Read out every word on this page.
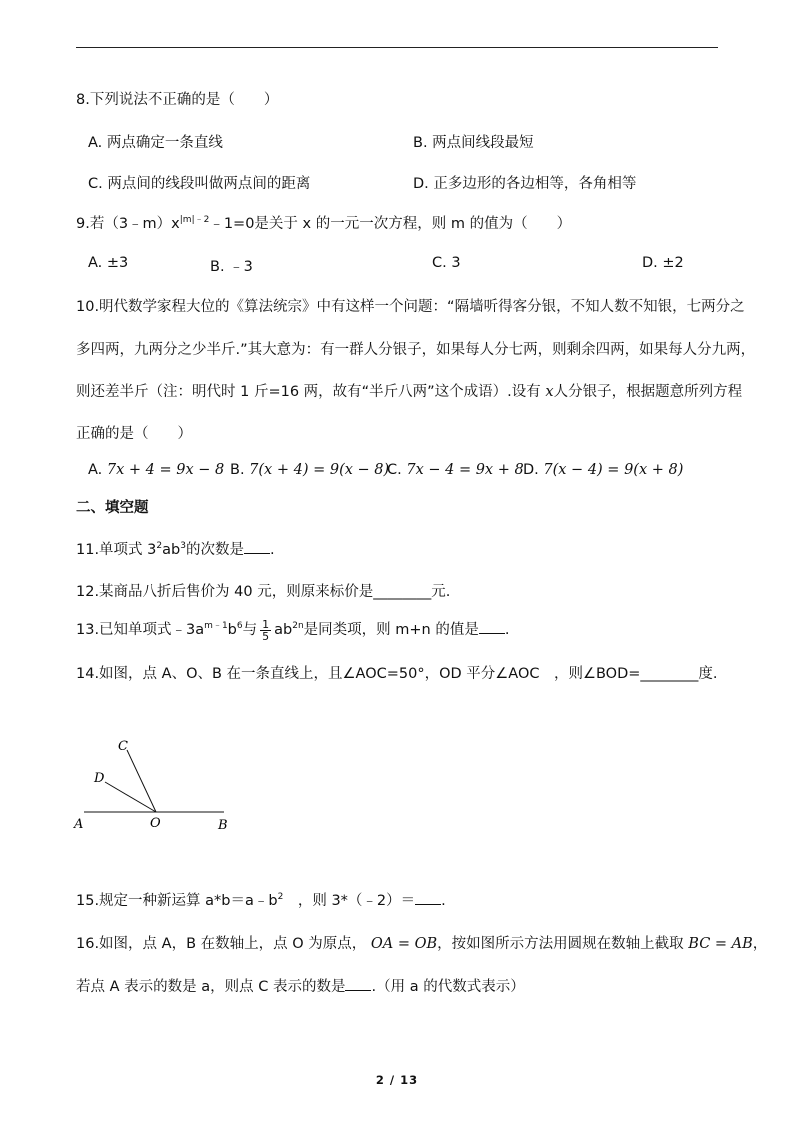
8.下列说法不正确的是（　　）
A. 两点确定一条直线	B. 两点间线段最短
C. 两点间的线段叫做两点间的距离	D. 正多边形的各边相等，各角相等
9.若$(3﹣m)x^{|m|﹣2}﹣1=0$是关于 x 的一元一次方程，则 m 的值为（　　）
A. ±3	B. ﹣3	C. 3	D. ±2
10.明代数学家程大位的《算法统宗》中有这样一个问题：“隔墙听得客分银，不知人数不知银，七两分之
多四两，九两分之少半斤.”其大意为：有一群人分银子，如果每人分七两，则剩余四两，如果每人分九两，
则还差半斤（注：明代时 1 斤=16 两，故有“半斤八两”这个成语）.设有 x人分银子，根据题意所列方程
正确的是（　　）
A. 7x + 4 = 9x − 8 B. 7(x + 4) = 9(x − 8)
C. 7x − 4 = 9x + 8 D. 7(x − 4) = 9(x + 8)
二、填空题
11.单项式 $3^2ab^3$的次数是 .
12.某商品八折后售价为 40 元，则原来标价是________元.
13.已知单项式$﹣3a^{m﹣1}b^6$与 $\frac{1}{5} ab^{2n}$是同类项，则 m+n 的值是 .
14.如图，点 A、O、B 在一条直线上，且∠AOC=50°，OD 平分∠AOC　，则∠BOD=________度.
C
D
A	O	B
15.规定一种新运算 $a*b=a﹣b^2$　，则 3*（﹣2）＝ .
16.如图，点 A，B 在数轴上，点 O 为原点， OA = OB，按如图所示方法用圆规在数轴上截取 BC = AB，
若点 A 表示的数是 a，则点 C 表示的数是 .（用 a 的代数式表示）
2 / 13
